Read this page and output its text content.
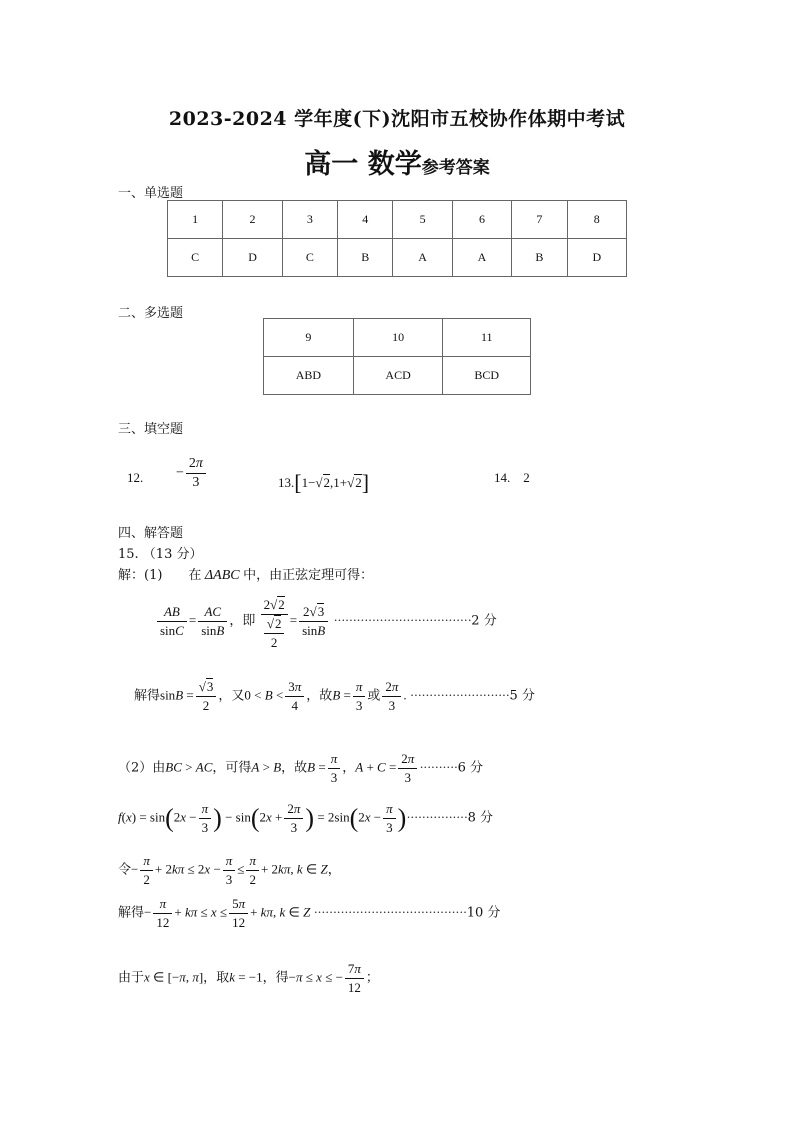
2023-2024 学年度(下)沈阳市五校协作体期中考试
高一 数学参考答案
一、单选题
1	2	3	4	5	6	7	8
C	D	C	B	A	A	B	D
二、多选题
9	10	11
ABD	ACD	BCD
三、填空题
12. − $\frac{2\pi}{3}$	13.[1−√2,1+√2]	14. 2
四、解答题
15. （13 分）
解：(1)　　在 ΔABC 中，由正弦定理可得：
$\frac{AB}{\sin C} = \frac{AC}{\sin B}$ ，即 $\frac{2√2}{\frac{√2}{2}} = \frac{2√3}{\sin B} \cdot\cdot\cdot\cdot\cdot\cdot\cdot\cdot\cdot\cdot\cdot\cdot\cdot\cdot\cdot\cdot\cdot\cdot\cdot\cdot\cdot\cdot\cdot\cdot\cdot\cdot\cdot\cdot\cdot\cdot\cdot\cdot\cdot\cdot\cdot\cdot 2$ 分
解得$\sin B = \frac{√3}{2}$ ，又$0 < B < \frac{3\pi}{4}$ ，故$B = \frac{\pi}{3}$ 或 $\frac{2\pi}{3}$ . ··························5 分
（2）由BC > AC，可得A > B，故$B = \frac{\pi}{3}$ ，$A + C = \frac{2\pi}{3} \cdot\cdot\cdot\cdot\cdot\cdot\cdot\cdot\cdot\cdot 6$ 分
$f(x) = \sin(2x - \frac{\pi}{3}$ ) − $\sin(2x + \frac{2\pi}{3}$ ) = $2\sin(2x - \frac{\pi}{3} )\cdot\cdot\cdot\cdot\cdot\cdot\cdot\cdot\cdot\cdot\cdot\cdot\cdot\cdot\cdot\cdot 8$ 分
令− $\frac{\pi}{2} + 2k\pi \le 2x - \frac{\pi}{3} \le \frac{\pi}{2} + 2k\pi$, k ∈ Z，
解得− $\frac{\pi}{12} + k\pi \le x \le \frac{5\pi}{12} + k\pi$, k ∈ Z ········································10 分
由于x ∈ [−π, π]，取k = −1，得−π ≤ x ≤ − $\frac{7\pi}{12}$ ；
